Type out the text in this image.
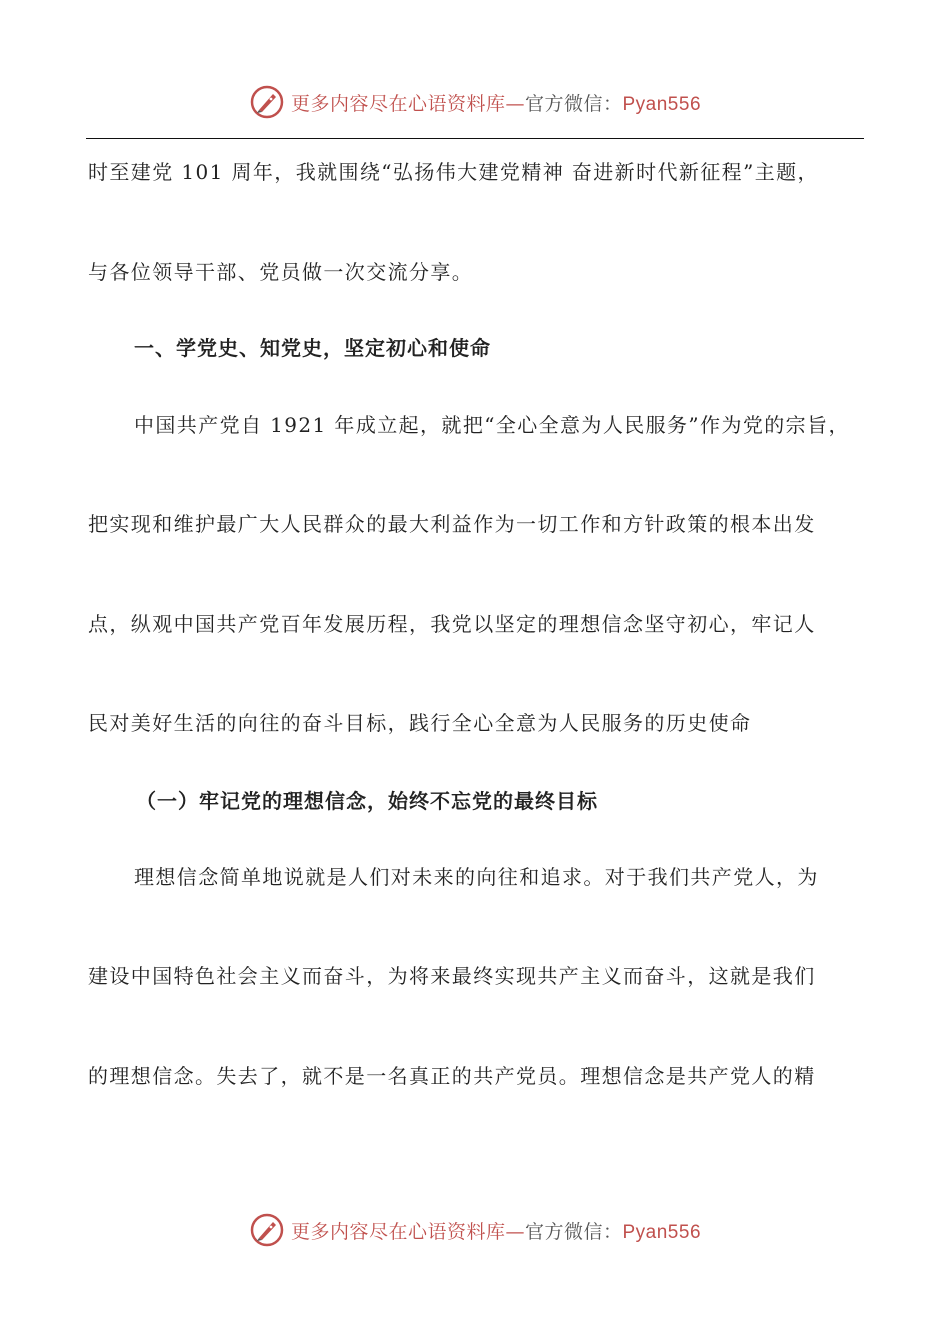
更多内容尽在心语资料库—官方微信：Pyan556
时至建党 101 周年，我就围绕“弘扬伟大建党精神 奋进新时代新征程”主题，
与各位领导干部、党员做一次交流分享。
一、学党史、知党史，坚定初心和使命
中国共产党自 1921 年成立起，就把“全心全意为人民服务”作为党的宗旨，
把实现和维护最广大人民群众的最大利益作为一切工作和方针政策的根本出发
点，纵观中国共产党百年发展历程，我党以坚定的理想信念坚守初心，牢记人
民对美好生活的向往的奋斗目标，践行全心全意为人民服务的历史使命
（一）牢记党的理想信念，始终不忘党的最终目标
理想信念简单地说就是人们对未来的向往和追求。对于我们共产党人，为
建设中国特色社会主义而奋斗，为将来最终实现共产主义而奋斗，这就是我们
的理想信念。失去了，就不是一名真正的共产党员。理想信念是共产党人的精
更多内容尽在心语资料库—官方微信：Pyan556
